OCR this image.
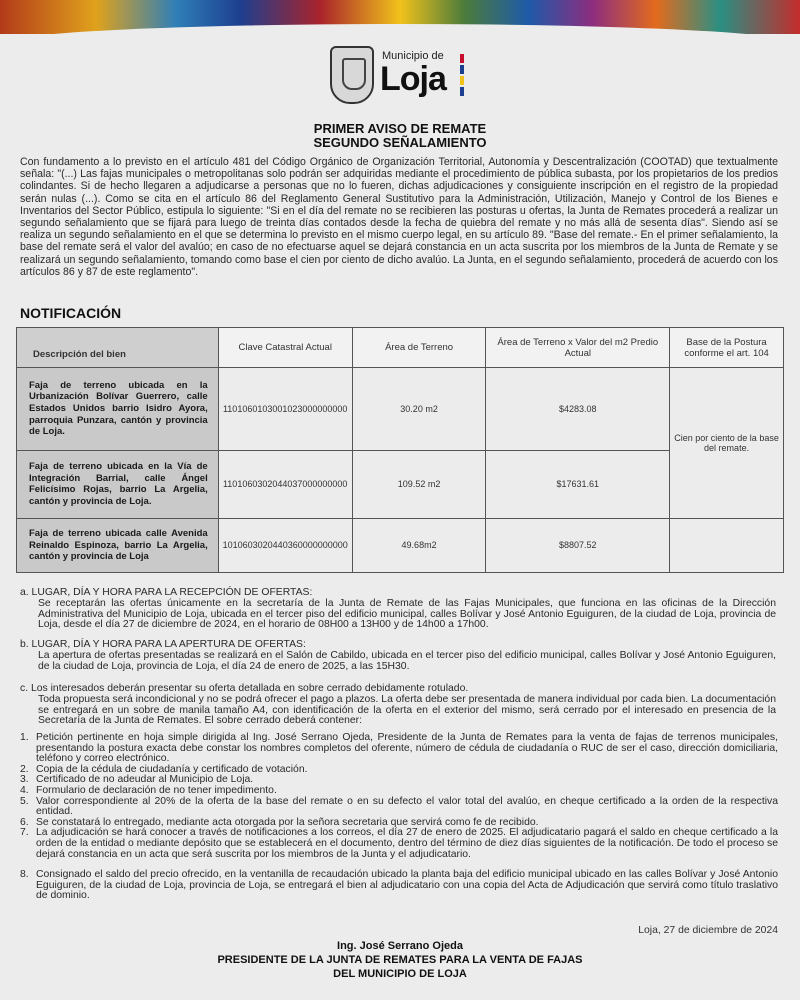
Municipio de
Loja
PRIMER AVISO DE REMATE
SEGUNDO SEÑALAMIENTO

Con fundamento a lo previsto en el artículo 481 del Código Orgánico de Organización Territorial, Autonomía y Descentralización (COOTAD) que textualmente señala: "(...) Las fajas municipales o metropolitanas solo podrán ser adquiridas mediante el procedimiento de pública subasta, por los propietarios de los predios colindantes. Si de hecho llegaren a adjudicarse a personas que no lo fueren, dichas adjudicaciones y consiguiente inscripción en el registro de la propiedad serán nulas (...). Como se cita en el artículo 86 del Reglamento General Sustitutivo para la Administración, Utilización, Manejo y Control de los Bienes e Inventarios del Sector Público, estipula lo siguiente: "Si en el día del remate no se recibieren las posturas u ofertas, la Junta de Remates procederá a realizar un segundo señalamiento que se fijará para luego de treinta días contados desde la fecha de quiebra del remate y no más allá de sesenta días". Siendo así se realiza un segundo señalamiento en el que se determina lo previsto en el mismo cuerpo legal, en su artículo 89. "Base del remate.- En el primer señalamiento, la base del remate será el valor del avalúo; en caso de no efectuarse aquel se dejará constancia en un acta suscrita por los miembros de la Junta de Remate y se realizará un segundo señalamiento, tomando como base el cien por ciento de dicho avalúo. La Junta, en el segundo señalamiento, procederá de acuerdo con los artículos 86 y 87 de este reglamento".

NOTIFICACIÓN
Descripción del bien	Clave Catastral Actual	Área de Terreno	Área de Terreno x Valor del m2 Predio Actual	Base de la Postura conforme el art. 104
Faja de terreno ubicada en la Urbanización Bolívar Guerrero, calle Estados Unidos barrio Isidro Ayora, parroquia Punzara, cantón y provincia de Loja.	1101060103001023000000000	30.20 m2	$4283.08	Cien por ciento de la base del remate.
Faja de terreno ubicada en la Vía de Integración Barrial, calle Ángel Felicísimo Rojas, barrio La Argelia, cantón y provincia de Loja.	1101060302044037000000000	109.52 m2	$17631.61	
Faja de terreno ubicada calle Avenida Reinaldo Espinoza, barrio La Argelia, cantón y provincia de Loja	1010603020440360000000000	49.68m2	$8807.52	
a. LUGAR, DÍA Y HORA PARA LA RECEPCIÓN DE OFERTAS:
Se receptarán las ofertas únicamente en la secretaría de la Junta de Remate de las Fajas Municipales, que funciona en las oficinas de la Dirección Administrativa del Municipio de Loja, ubicada en el tercer piso del edificio municipal, calles Bolívar y José Antonio Eguiguren, de la ciudad de Loja, provincia de Loja, desde el día 27 de diciembre de 2024, en el horario de 08H00 a 13H00 y de 14h00 a 17h00.
b. LUGAR, DÍA Y HORA PARA LA APERTURA DE OFERTAS:
La apertura de ofertas presentadas se realizará en el Salón de Cabildo, ubicada en el tercer piso del edificio municipal, calles Bolívar y José Antonio Eguiguren, de la ciudad de Loja, provincia de Loja, el día 24 de enero de 2025, a las 15H30.
c. Los interesados deberán presentar su oferta detallada en sobre cerrado debidamente rotulado.
Toda propuesta será incondicional y no se podrá ofrecer el pago a plazos. La oferta debe ser presentada de manera individual por cada bien. La documentación se entregará en un sobre de manila tamaño A4, con identificación de la oferta en el exterior del mismo, será cerrado por el interesado en presencia de la Secretaría de la Junta de Remates. El sobre cerrado deberá contener:
1. Petición pertinente en hoja simple dirigida al Ing. José Serrano Ojeda, Presidente de la Junta de Remates para la venta de fajas de terrenos municipales, presentando la postura exacta debe constar los nombres completos del oferente, número de cédula de ciudadanía o RUC de ser el caso, dirección domiciliaria, teléfono y correo electrónico.
2. Copia de la cédula de ciudadanía y certificado de votación.
3. Certificado de no adeudar al Municipio de Loja.
4. Formulario de declaración de no tener impedimento.
5. Valor correspondiente al 20% de la oferta de la base del remate o en su defecto el valor total del avalúo, en cheque certificado a la orden de la respectiva entidad.
6. Se constatará lo entregado, mediante acta otorgada por la señora secretaria que servirá como fe de recibido.
7. La adjudicación se hará conocer a través de notificaciones a los correos, el día 27 de enero de 2025. El adjudicatario pagará el saldo en cheque certificado a la orden de la entidad o mediante depósito que se establecerá en el documento, dentro del término de diez días siguientes de la notificación. De todo el proceso se dejará constancia en un acta que será suscrita por los miembros de la Junta y el adjudicatario.
8. Consignado el saldo del precio ofrecido, en la ventanilla de recaudación ubicado la planta baja del edificio municipal ubicado en las calles Bolívar y José Antonio Eguiguren, de la ciudad de Loja, provincia de Loja, se entregará el bien al adjudicatario con una copia del Acta de Adjudicación que servirá como título traslativo de dominio.
Loja, 27 de diciembre de 2024
Ing. José Serrano Ojeda
PRESIDENTE DE LA JUNTA DE REMATES PARA LA VENTA DE FAJAS
DEL MUNICIPIO DE LOJA
